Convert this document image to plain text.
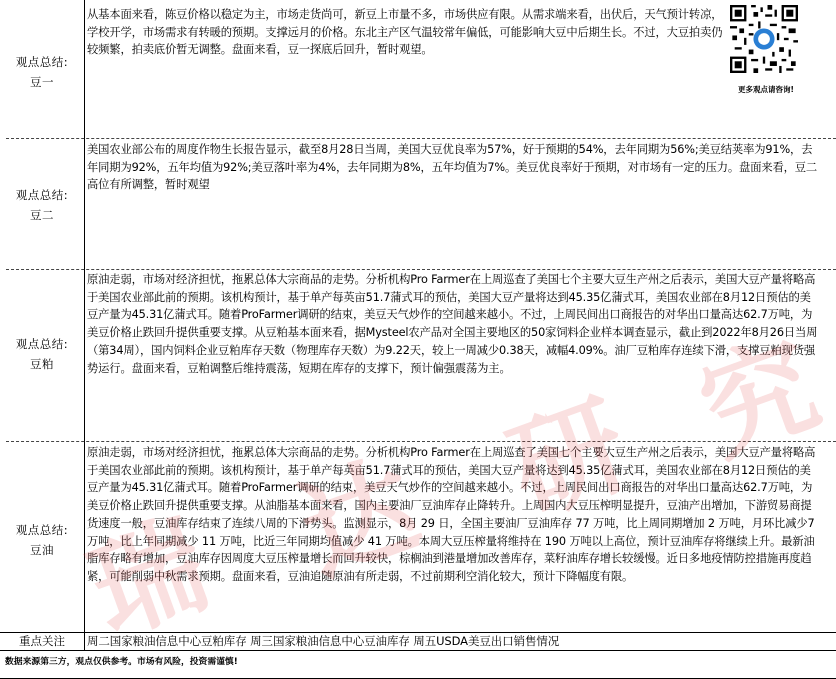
观点总结:
豆一
从基本面来看，陈豆价格以稳定为主，市场走货尚可，新豆上市量不多，市场供应有限。从需求端来看，出伏后，天气预计转凉，学校开学，市场需求有转暖的预期。支撑远月的价格。东北主产区气温较常年偏低，可能影响大豆中后期生长。不过，大豆拍卖仍较频繁，拍卖底价暂无调整。盘面来看，豆一探底后回升，暂时观望。
更多观点请咨询!
观点总结:
豆二
美国农业部公布的周度作物生长报告显示，截至8月28日当周，美国大豆优良率为57%，好于预期的54%，去年同期为56%;美豆结荚率为91%，去年同期为92%，五年均值为92%;美豆落叶率为4%，去年同期为8%，五年均值为7%。美豆优良率好于预期，对市场有一定的压力。盘面来看，豆二高位有所调整，暂时观望
观点总结:
豆粕
原油走弱，市场对经济担忧，拖累总体大宗商品的走势。分析机构Pro Farmer在上周巡查了美国七个主要大豆生产州之后表示，美国大豆产量将略高于美国农业部此前的预期。该机构预计，基于单产每英亩51.7蒲式耳的预估，美国大豆产量将达到45.35亿蒲式耳，美国农业部在8月12日预估的美豆产量为45.31亿蒲式耳。随着ProFarmer调研的结束，美豆天气炒作的空间越来越小。不过，上周民间出口商报告的对华出口量高达62.7万吨，为美豆价格止跌回升提供重要支撑。从豆粕基本面来看，据Mysteel农产品对全国主要地区的50家饲料企业样本调查显示，截止到2022年8月26日当周（第34周），国内饲料企业豆粕库存天数（物理库存天数）为9.22天，较上一周减少0.38天，减幅4.09%。油厂豆粕库存连续下滑，支撑豆粕现货强势运行。盘面来看，豆粕调整后维持震荡，短期在库存的支撑下，预计偏强震荡为主。
观点总结:
豆油
原油走弱，市场对经济担忧，拖累总体大宗商品的走势。分析机构Pro Farmer在上周巡查了美国七个主要大豆生产州之后表示，美国大豆产量将略高于美国农业部此前的预期。该机构预计，基于单产每英亩51.7蒲式耳的预估，美国大豆产量将达到45.35亿蒲式耳，美国农业部在8月12日预估的美豆产量为45.31亿蒲式耳。随着ProFarmer调研的结束，美豆天气炒作的空间越来越小。不过，上周民间出口商报告的对华出口量高达62.7万吨，为美豆价格止跌回升提供重要支撑。从油脂基本面来看，国内主要油厂豆油库存止降转升。上周国内大豆压榨明显提升，豆油产出增加，下游贸易商提货速度一般，豆油库存结束了连续八周的下滑势头。监测显示，8月 29 日，全国主要油厂豆油库存 77 万吨，比上周同期增加 2 万吨，月环比减少7 万吨，比上年同期减少 11 万吨，比近三年同期均值减少 41 万吨。本周大豆压榨量将维持在 190 万吨以上高位，预计豆油库存将继续上升。最新油脂库存略有增加，豆油库存因周度大豆压榨量增长而回升较快，棕榈油到港量增加改善库存，菜籽油库存增长较缓慢。近日多地疫情防控措施再度趋紧，可能削弱中秋需求预期。盘面来看，豆油追随原油有所走弱，不过前期利空消化较大，预计下降幅度有限。
重点关注	周二国家粮油信息中心豆粕库存 周三国家粮油信息中心豆油库存 周五USDA美豆出口销售情况
数据来源第三方，观点仅供参考。市场有风险，投资需谨慎!
瑞 达 研 究
